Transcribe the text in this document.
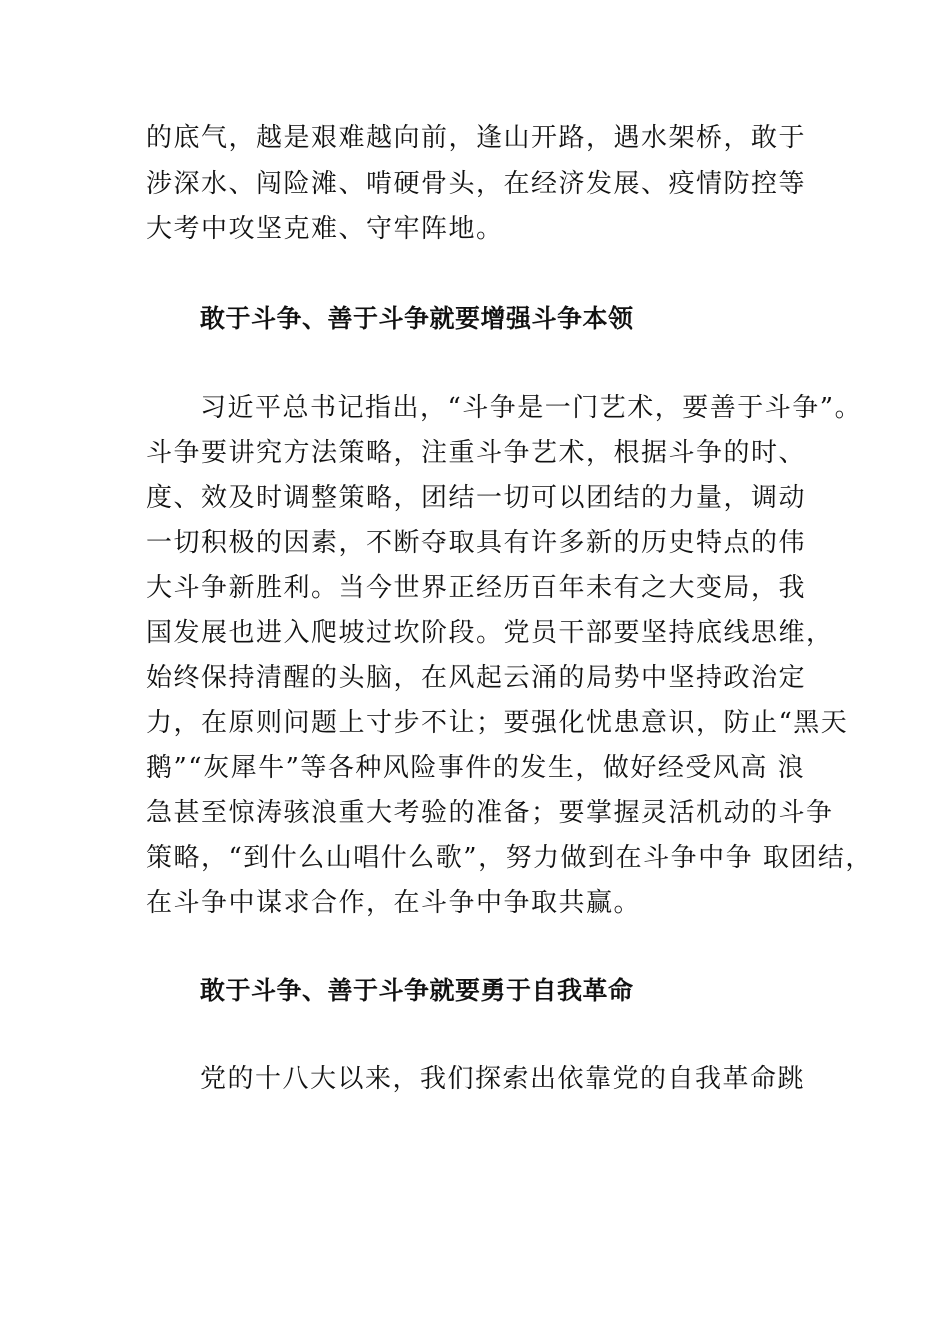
的底气，越是艰难越向前，逢山开路，遇水架桥，敢于
涉深水、闯险滩、啃硬骨头，在经济发展、疫情防控等
大考中攻坚克难、守牢阵地。
敢于斗争、善于斗争就要增强斗争本领
习近平总书记指出，“斗争是一门艺术，要善于斗争”。
斗争要讲究方法策略，注重斗争艺术，根据斗争的时、
度、效及时调整策略，团结一切可以团结的力量，调动
一切积极的因素，不断夺取具有许多新的历史特点的伟
大斗争新胜利。当今世界正经历百年未有之大变局，我
国发展也进入爬坡过坎阶段。党员干部要坚持底线思维，
始终保持清醒的头脑，在风起云涌的局势中坚持政治定
力，在原则问题上寸步不让；要强化忧患意识，防止“黑天
鹅”“灰犀牛”等各种风险事件的发生，做好经受风高 浪
急甚至惊涛骇浪重大考验的准备；要掌握灵活机动的斗争
策略，“到什么山唱什么歌”，努力做到在斗争中争 取团结，
在斗争中谋求合作，在斗争中争取共赢。
敢于斗争、善于斗争就要勇于自我革命
党的十八大以来，我们探索出依靠党的自我革命跳
